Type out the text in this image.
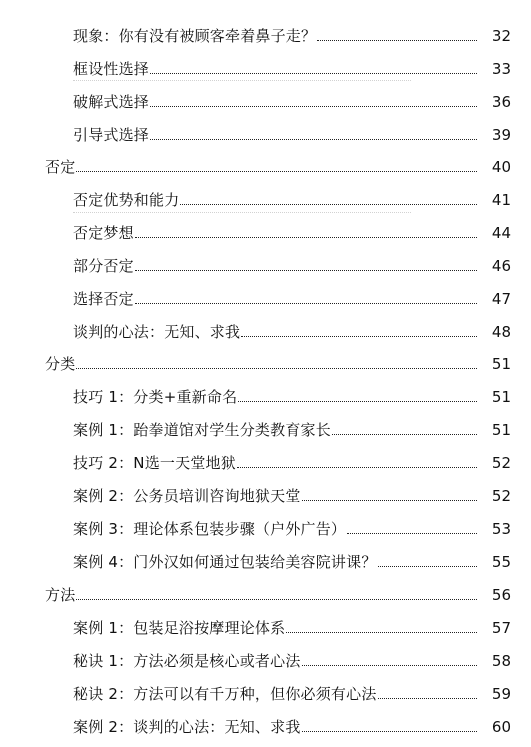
现象：你有没有被顾客牵着鼻子走？	32
框设性选择	33
破解式选择	36
引导式选择	39
否定	40
否定优势和能力	41
否定梦想	44
部分否定	46
选择否定	47
谈判的心法：无知、求我	48
分类	51
技巧 1：分类+重新命名	51
案例 1：跆拳道馆对学生分类教育家长	51
技巧 2：N选一天堂地狱	52
案例 2：公务员培训咨询地狱天堂	52
案例 3：理论体系包装步骤（户外广告）	53
案例 4：门外汉如何通过包装给美容院讲课？	55
方法	56
案例 1：包装足浴按摩理论体系	57
秘诀 1：方法必须是核心或者心法	58
秘诀 2：方法可以有千万种，但你必须有心法	59
案例 2：谈判的心法：无知、求我	60
